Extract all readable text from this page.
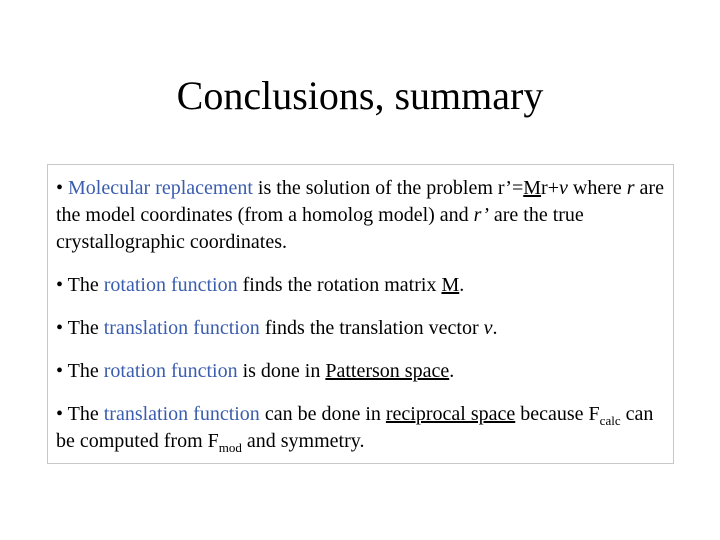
Conclusions, summary

• Molecular replacement is the solution of the problem r’=Mr+v where r are the model coordinates (from a homolog model) and r’ are the true crystallographic coordinates.

• The rotation function finds the rotation matrix M.

• The translation function finds the translation vector v.

• The rotation function is done in Patterson space.

• The translation function can be done in reciprocal space because $F_{calc}$ can be computed from $F_{mod}$ and symmetry.
